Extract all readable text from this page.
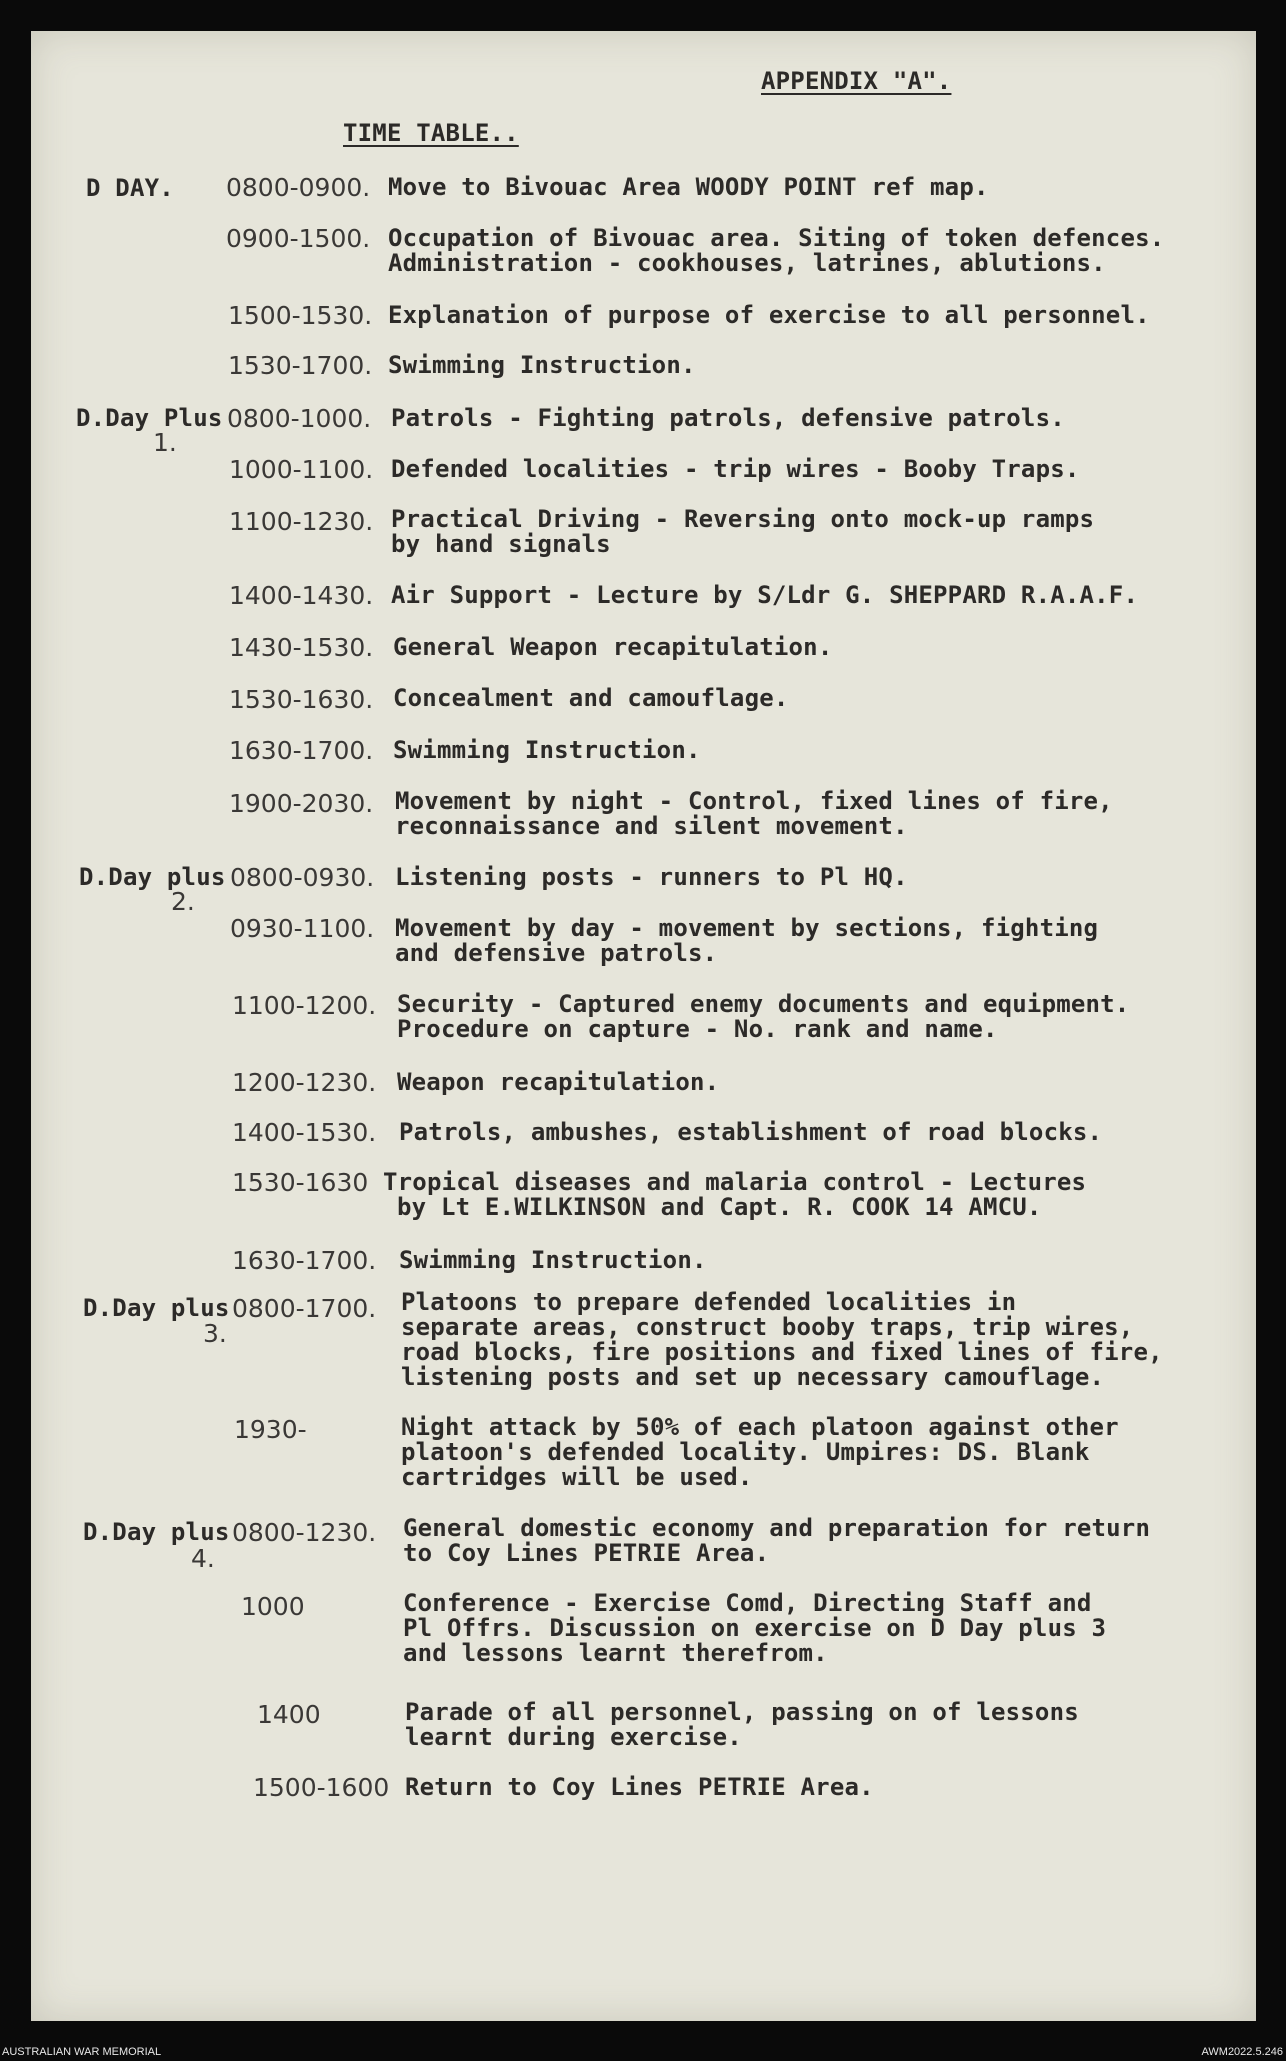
APPENDIX "A".
TIME TABLE..
D DAY. 0800-0900. Move to Bivouac Area WOODY POINT ref map.
0900-1500. Occupation of Bivouac area. Siting of token defences.
Administration - cookhouses, latrines, ablutions.
1500-1530. Explanation of purpose of exercise to all personnel.
1530-1700. Swimming Instruction.
D.Day Plus
1.
0800-1000. Patrols - Fighting patrols, defensive patrols.
1000-1100. Defended localities - trip wires - Booby Traps.
1100-1230. Practical Driving - Reversing onto mock-up ramps
by hand signals
1400-1430. Air Support - Lecture by S/Ldr G. SHEPPARD R.A.A.F.
1430-1530. General Weapon recapitulation.
1530-1630. Concealment and camouflage.
1630-1700. Swimming Instruction.
1900-2030. Movement by night - Control, fixed lines of fire,
reconnaissance and silent movement.
D.Day plus
2.
0800-0930. Listening posts - runners to Pl HQ.
0930-1100. Movement by day - movement by sections, fighting
and defensive patrols.
1100-1200. Security - Captured enemy documents and equipment.
Procedure on capture - No. rank and name.
1200-1230. Weapon recapitulation.
1400-1530. Patrols, ambushes, establishment of road blocks.
1530-1630 Tropical diseases and malaria control - Lectures
by Lt E.WILKINSON and Capt. R. COOK 14 AMCU.
1630-1700. Swimming Instruction.
D.Day plus
3.
0800-1700. Platoons to prepare defended localities in
separate areas, construct booby traps, trip wires,
road blocks, fire positions and fixed lines of fire,
listening posts and set up necessary camouflage.
1930-	Night attack by 50% of each platoon against other
platoon's defended locality. Umpires: DS. Blank
cartridges will be used.
D.Day plus
4.
0800-1230. General domestic economy and preparation for return
to Coy Lines PETRIE Area.
1000	Conference - Exercise Comd, Directing Staff and
Pl Offrs. Discussion on exercise on D Day plus 3
and lessons learnt therefrom.
1400	Parade of all personnel, passing on of lessons
learnt during exercise.
1500-1600 Return to Coy Lines PETRIE Area.
AUSTRALIAN WAR MEMORIAL	AWM2022.5.246
